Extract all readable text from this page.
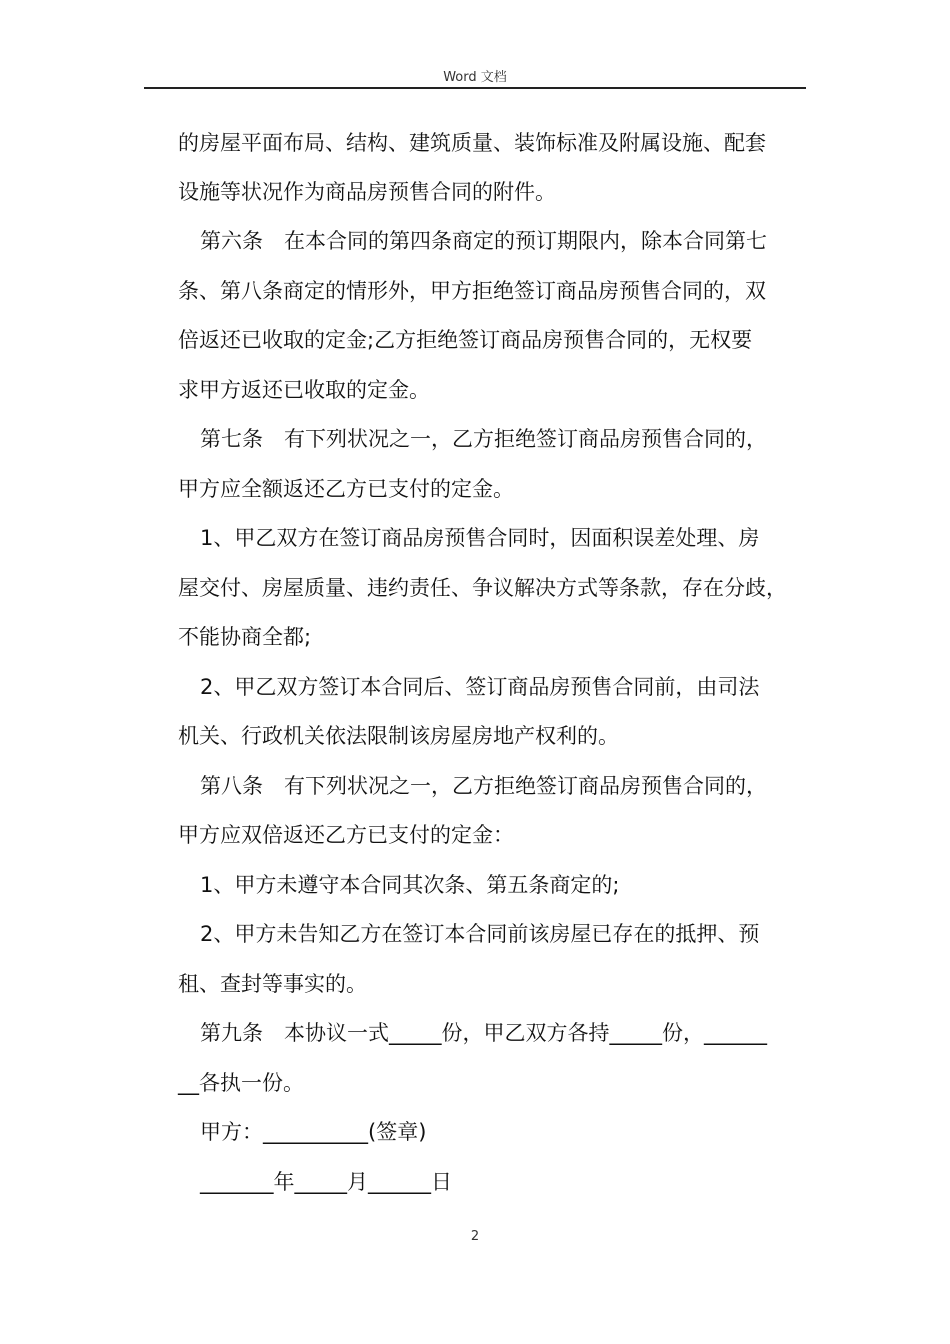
Word 文档
的房屋平面布局、结构、建筑质量、装饰标准及附属设施、配套
设施等状况作为商品房预售合同的附件。
第六条　在本合同的第四条商定的预订期限内，除本合同第七
条、第八条商定的情形外，甲方拒绝签订商品房预售合同的，双
倍返还已收取的定金;乙方拒绝签订商品房预售合同的，无权要
求甲方返还已收取的定金。
第七条　有下列状况之一，乙方拒绝签订商品房预售合同的，
甲方应全额返还乙方已支付的定金。
1、甲乙双方在签订商品房预售合同时，因面积误差处理、房
屋交付、房屋质量、违约责任、争议解决方式等条款，存在分歧，
不能协商全都;
2、甲乙双方签订本合同后、签订商品房预售合同前，由司法
机关、行政机关依法限制该房屋房地产权利的。
第八条　有下列状况之一，乙方拒绝签订商品房预售合同的，
甲方应双倍返还乙方已支付的定金：
1、甲方未遵守本合同其次条、第五条商定的;
2、甲方未告知乙方在签订本合同前该房屋已存在的抵押、预
租、查封等事实的。
第九条　本协议一式_____份，甲乙双方各持_____份，______
__各执一份。
甲方：__________(签章)
_______年_____月______日
2
